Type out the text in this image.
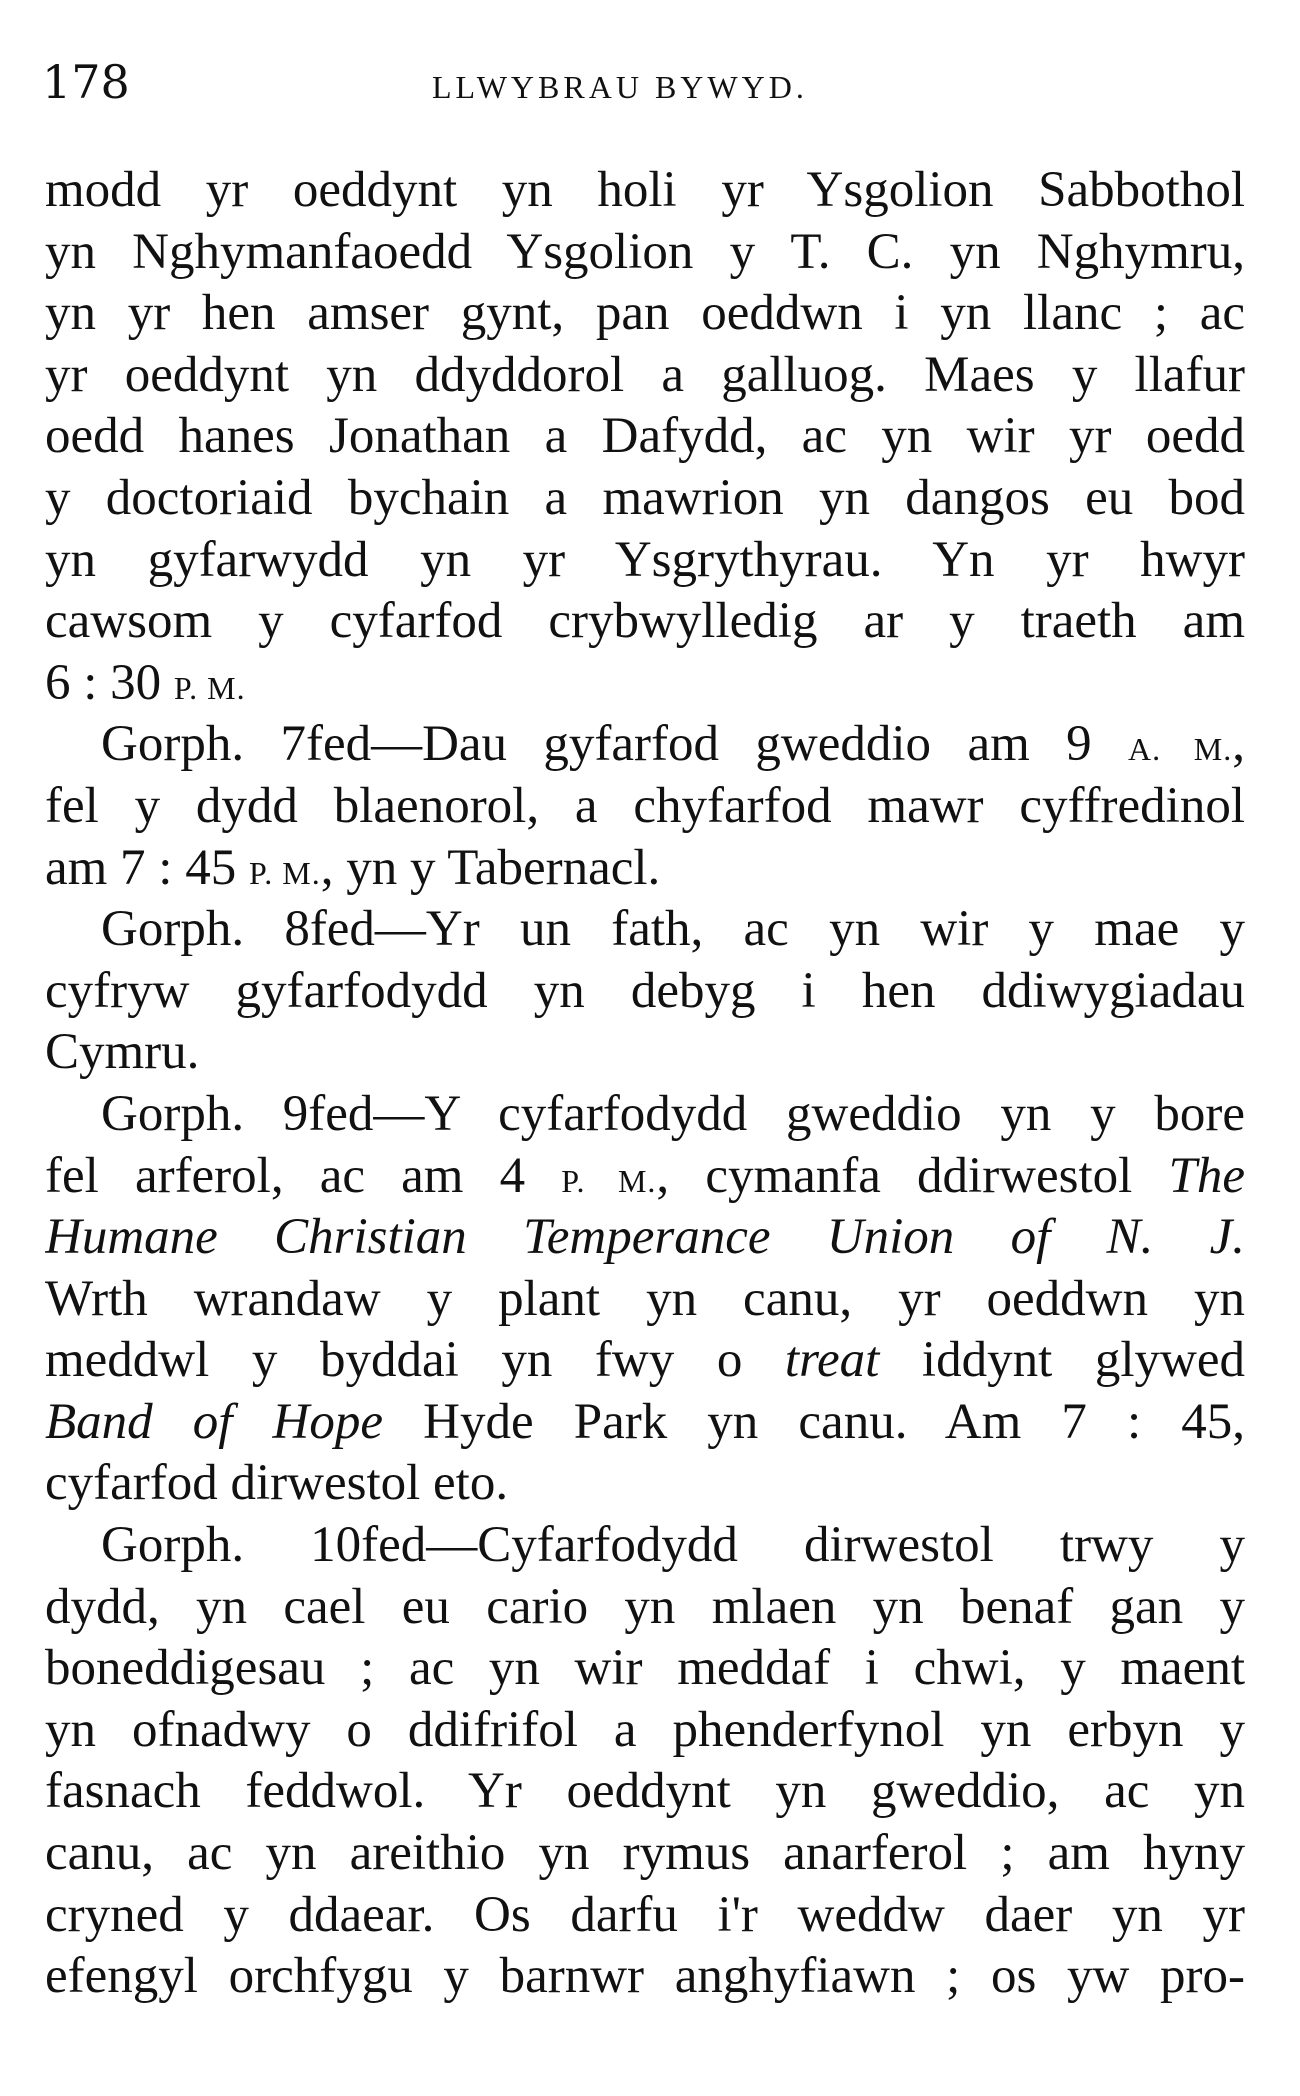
178	LLWYBRAU BYWYD.
modd yr oeddynt yn holi yr Ysgolion Sabbothol
yn Nghymanfaoedd Ysgolion y T. C. yn Nghymru,
yn yr hen amser gynt, pan oeddwn i yn llanc ; ac
yr oeddynt yn ddyddorol a galluog. Maes y llafur
oedd hanes Jonathan a Dafydd, ac yn wir yr oedd
y doctoriaid bychain a mawrion yn dangos eu bod
yn gyfarwydd yn yr Ysgrythyrau. Yn yr hwyr
cawsom y cyfarfod crybwylledig ar y traeth am
6 : 30 P. M.
Gorph. 7fed—Dau gyfarfod gweddio am 9 A. M.,
fel y dydd blaenorol, a chyfarfod mawr cyffredinol
am 7 : 45 P. M., yn y Tabernacl.
Gorph. 8fed—Yr un fath, ac yn wir y mae y
cyfryw gyfarfodydd yn debyg i hen ddiwygiadau
Cymru.
Gorph. 9fed—Y cyfarfodydd gweddio yn y bore
fel arferol, ac am 4 P. M., cymanfa ddirwestol The
Humane Christian Temperance Union of N. J.
Wrth wrandaw y plant yn canu, yr oeddwn yn
meddwl y byddai yn fwy o treat iddynt glywed
Band of Hope Hyde Park yn canu. Am 7 : 45,
cyfarfod dirwestol eto.
Gorph. 10fed—Cyfarfodydd dirwestol trwy y
dydd, yn cael eu cario yn mlaen yn benaf gan y
boneddigesau ; ac yn wir meddaf i chwi, y maent
yn ofnadwy o ddifrifol a phenderfynol yn erbyn y
fasnach feddwol. Yr oeddynt yn gweddio, ac yn
canu, ac yn areithio yn rymus anarferol ; am hyny
cryned y ddaear. Os darfu i'r weddw daer yn yr
efengyl orchfygu y barnwr anghyfiawn ; os yw pro-
